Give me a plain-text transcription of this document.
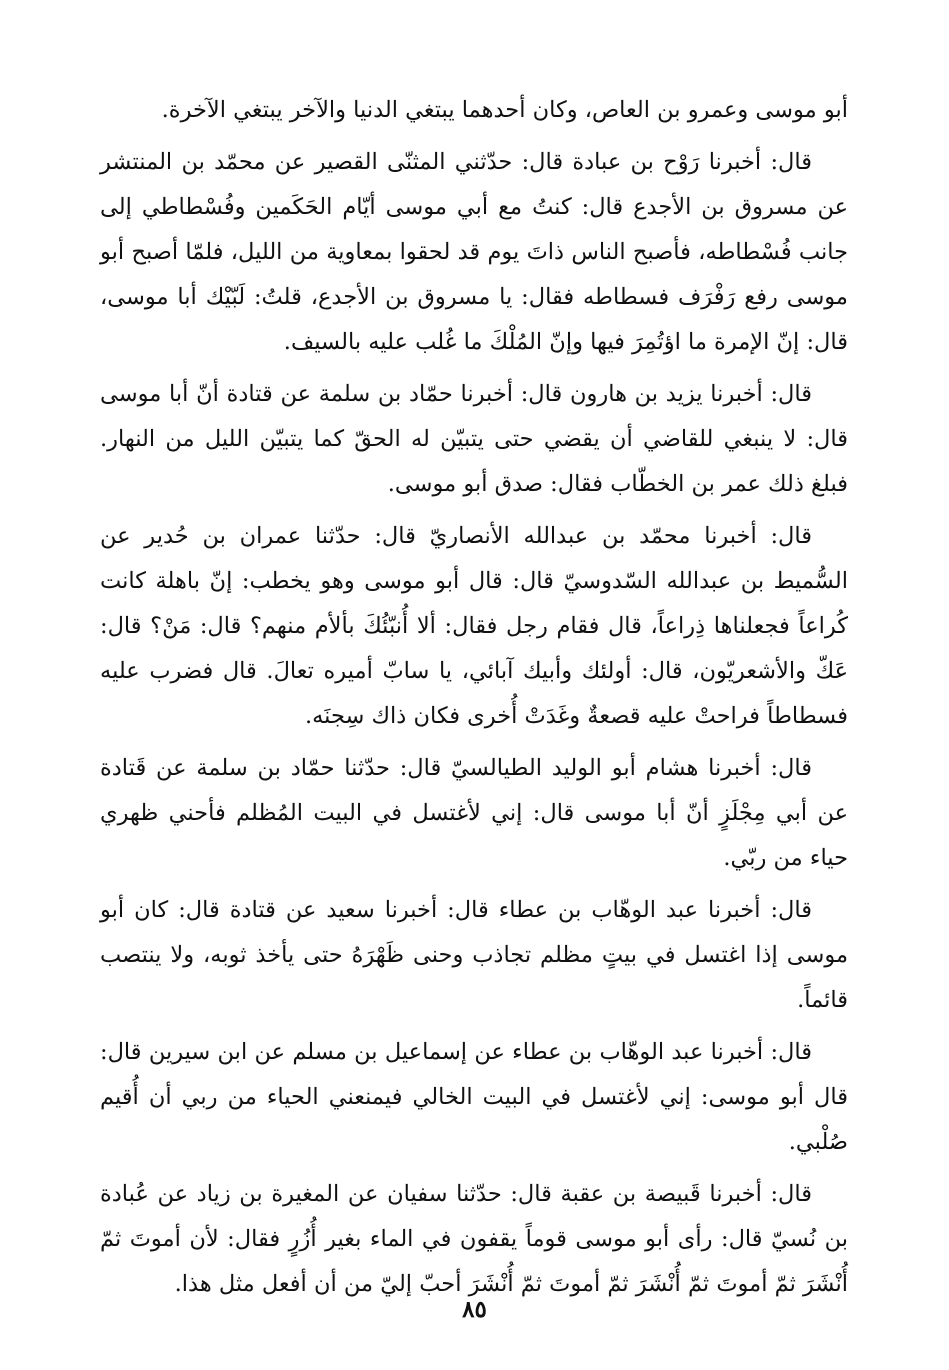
أبو موسى وعمرو بن العاص، وكان أحدهما يبتغي الدنيا والآخر يبتغي الآخرة.

قال: أخبرنا رَوْح بن عبادة قال: حدّثني المثنّى القصير عن محمّد بن المنتشر عن مسروق بن الأجدع قال: كنتُ مع أبي موسى أيّام الحَكَمين وفُسْطاطي إلى جانب فُسْطاطه، فأصبح الناس ذاتَ يوم قد لحقوا بمعاوية من الليل، فلمّا أصبح أبو موسى رفع رَفْرَف فسطاطه فقال: يا مسروق بن الأجدع، قلتُ: لَبّيْك أبا موسى، قال: إنّ الإمرة ما اؤتُمِرَ فيها وإنّ المُلْكَ ما غُلب عليه بالسيف.

قال: أخبرنا يزيد بن هارون قال: أخبرنا حمّاد بن سلمة عن قتادة أنّ أبا موسى قال: لا ينبغي للقاضي أن يقضي حتى يتبيّن له الحقّ كما يتبيّن الليل من النهار. فبلغ ذلك عمر بن الخطّاب فقال: صدق أبو موسى.

قال: أخبرنا محمّد بن عبدالله الأنصاريّ قال: حدّثنا عمران بن حُدير عن السُّميط بن عبدالله السّدوسيّ قال: قال أبو موسى وهو يخطب: إنّ باهلة كانت كُراعاً فجعلناها ذِراعاً، قال فقام رجل فقال: ألا أُنبّئُكَ بألأم منهم؟ قال: مَنْ؟ قال: عَكّ والأشعريّون، قال: أولئك وأبيك آبائي، يا سابّ أميره تعالَ. قال فضرب عليه فسطاطاً فراحتْ عليه قصعةٌ وغَدَتْ أُخرى فكان ذاك سِجنَه.

قال: أخبرنا هشام أبو الوليد الطيالسيّ قال: حدّثنا حمّاد بن سلمة عن قَتادة عن أبي مِجْلَزٍ أنّ أبا موسى قال: إني لأغتسل في البيت المُظلم فأحني ظهري حياء من ربّي.

قال: أخبرنا عبد الوهّاب بن عطاء قال: أخبرنا سعيد عن قتادة قال: كان أبو موسى إذا اغتسل في بيتٍ مظلم تجاذب وحنى ظَهْرَهُ حتى يأخذ ثوبه، ولا ينتصب قائماً.

قال: أخبرنا عبد الوهّاب بن عطاء عن إسماعيل بن مسلم عن ابن سيرين قال: قال أبو موسى: إني لأغتسل في البيت الخالي فيمنعني الحياء من ربي أن أُقيم صُلْبي.

قال: أخبرنا قَبيصة بن عقبة قال: حدّثنا سفيان عن المغيرة بن زياد عن عُبادة بن نُسيّ قال: رأى أبو موسى قوماً يقفون في الماء بغير أُزُرٍ فقال: لأن أموتَ ثمّ أُنْشَرَ ثمّ أموتَ ثمّ أُنْشَرَ ثمّ أموتَ ثمّ أُنْشَرَ أحبّ إليّ من أن أفعل مثل هذا.

٨٥
